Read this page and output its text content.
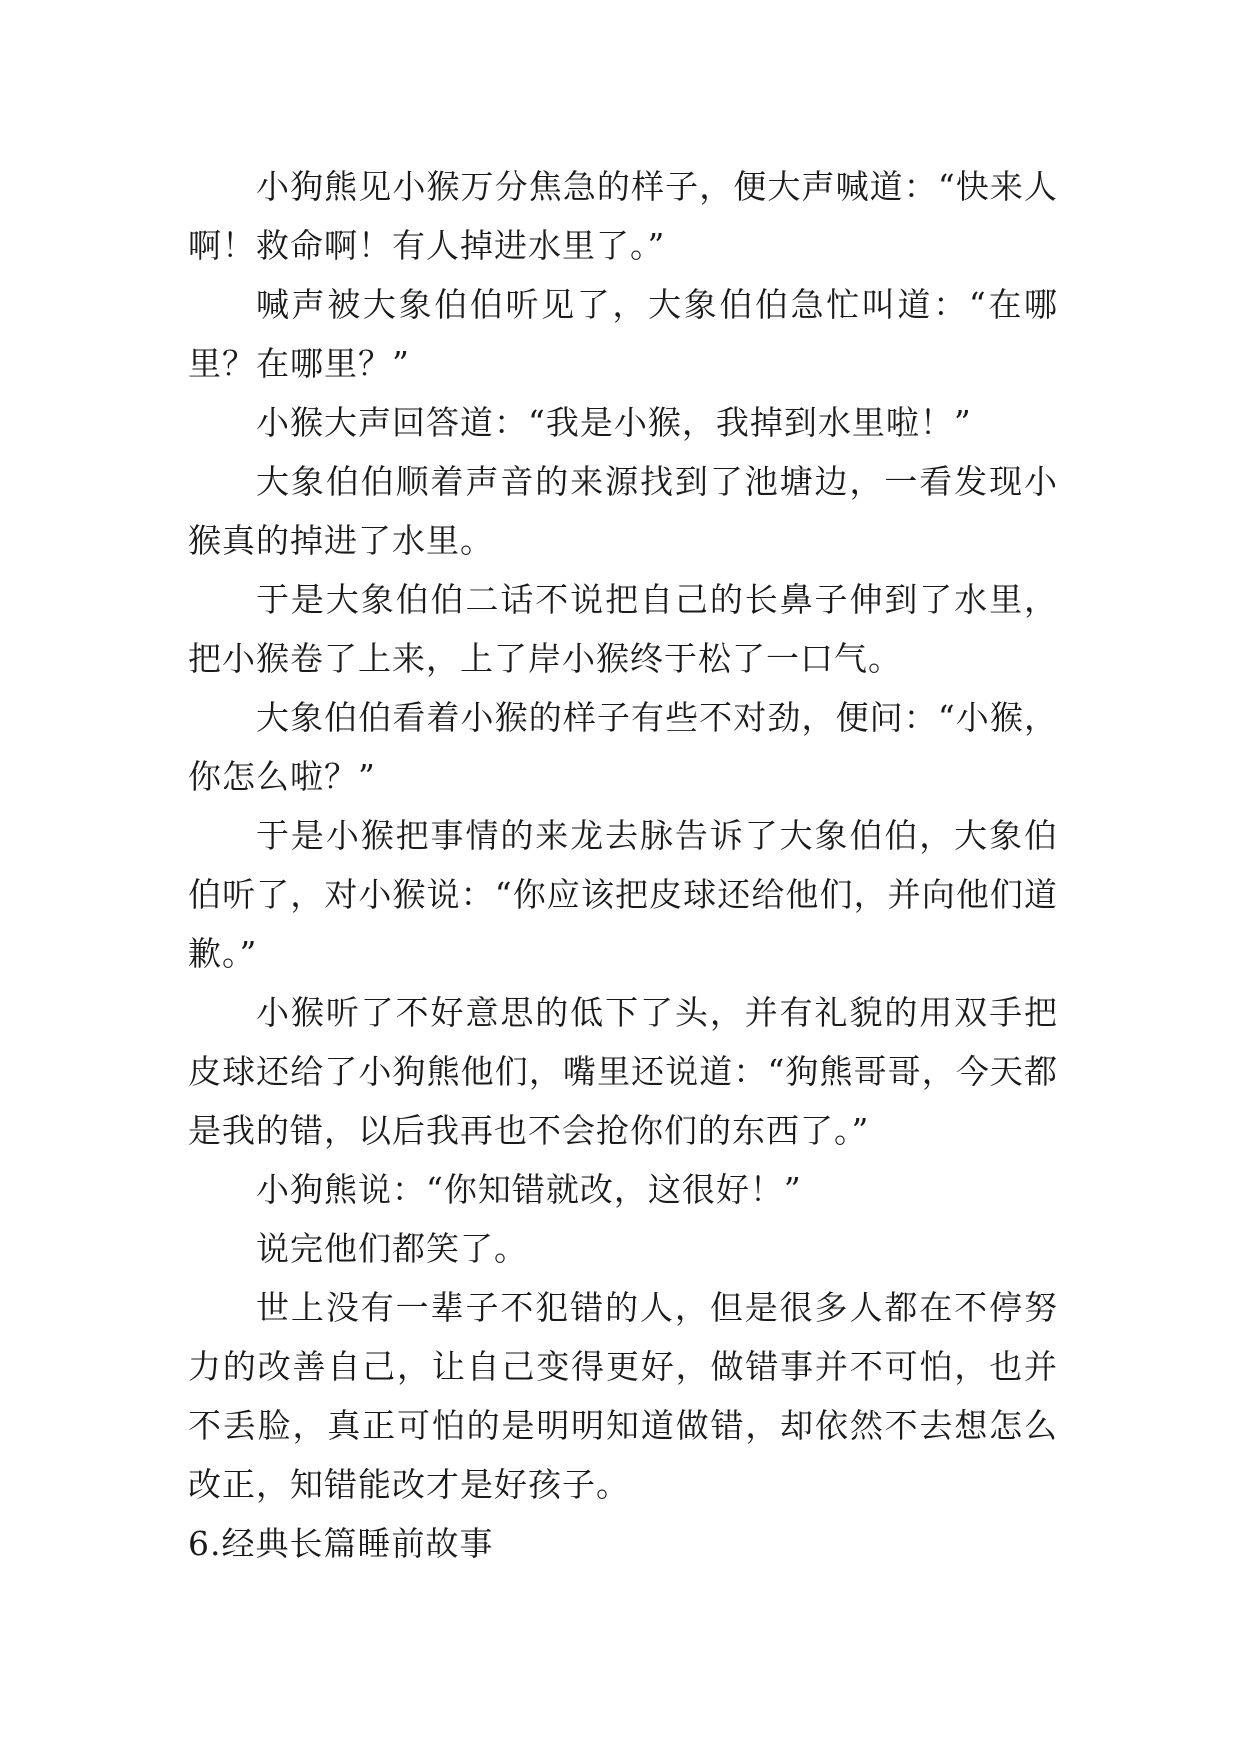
小狗熊见小猴万分焦急的样子，便大声喊道：“快来人啊！救命啊！有人掉进水里了。”

喊声被大象伯伯听见了，大象伯伯急忙叫道：“在哪里？在哪里？”

小猴大声回答道：“我是小猴，我掉到水里啦！”

大象伯伯顺着声音的来源找到了池塘边，一看发现小猴真的掉进了水里。

于是大象伯伯二话不说把自己的长鼻子伸到了水里，把小猴卷了上来，上了岸小猴终于松了一口气。

大象伯伯看着小猴的样子有些不对劲，便问：“小猴，你怎么啦？”

于是小猴把事情的来龙去脉告诉了大象伯伯，大象伯伯听了，对小猴说：“你应该把皮球还给他们，并向他们道歉。”

小猴听了不好意思的低下了头，并有礼貌的用双手把皮球还给了小狗熊他们，嘴里还说道：“狗熊哥哥，今天都是我的错，以后我再也不会抢你们的东西了。”

小狗熊说：“你知错就改，这很好！”

说完他们都笑了。

世上没有一辈子不犯错的人，但是很多人都在不停努力的改善自己，让自己变得更好，做错事并不可怕，也并不丢脸，真正可怕的是明明知道做错，却依然不去想怎么改正，知错能改才是好孩子。

6.经典长篇睡前故事
